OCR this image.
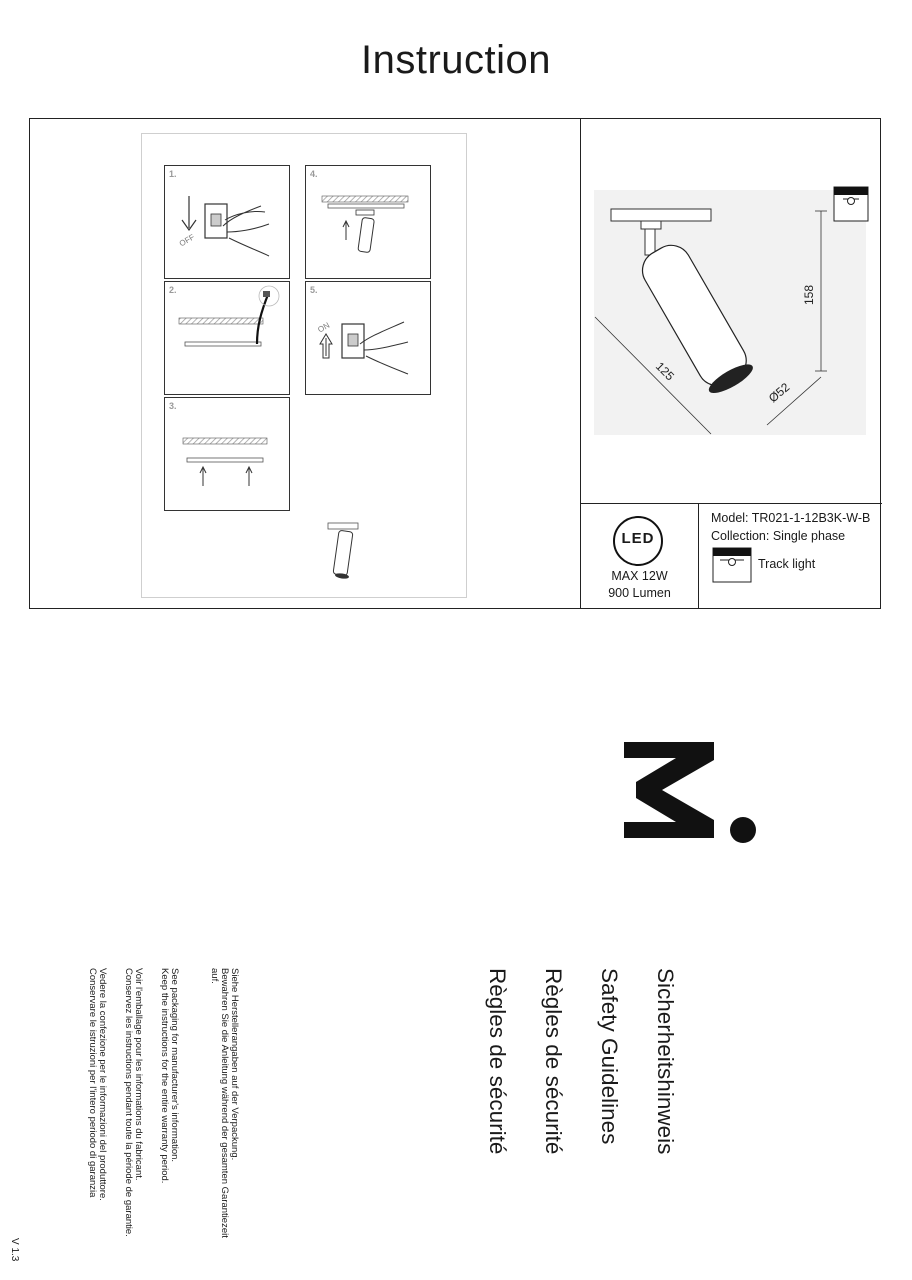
Instruction
1.
OFF
2.
3.
4.
5.
ON
158
125
Ø52
LED
MAX 12W
900 Lumen
Model: TR021-1-12B3K-W-B
Collection: Single phase
Track light
Sicherheitshinweis
Safety Guidelines
Règles de sécurité
Règles de sécurité
Siehe Herstellerangaben auf der Verpackung.
Bewahren Sie die Anleitung während der gesamten Garantiezeit
auf.
See packaging for manufacturer's information.
Keep the instructions for the entire warranty period.
Voir l'emballage pour les informations du fabricant.
Conservez les instructions pendant toute la période de garantie.
Vedere la confezione per le informazioni del produttore.
Conservare le istruzioni per l'intero periodo di garanzia
V 1.3
